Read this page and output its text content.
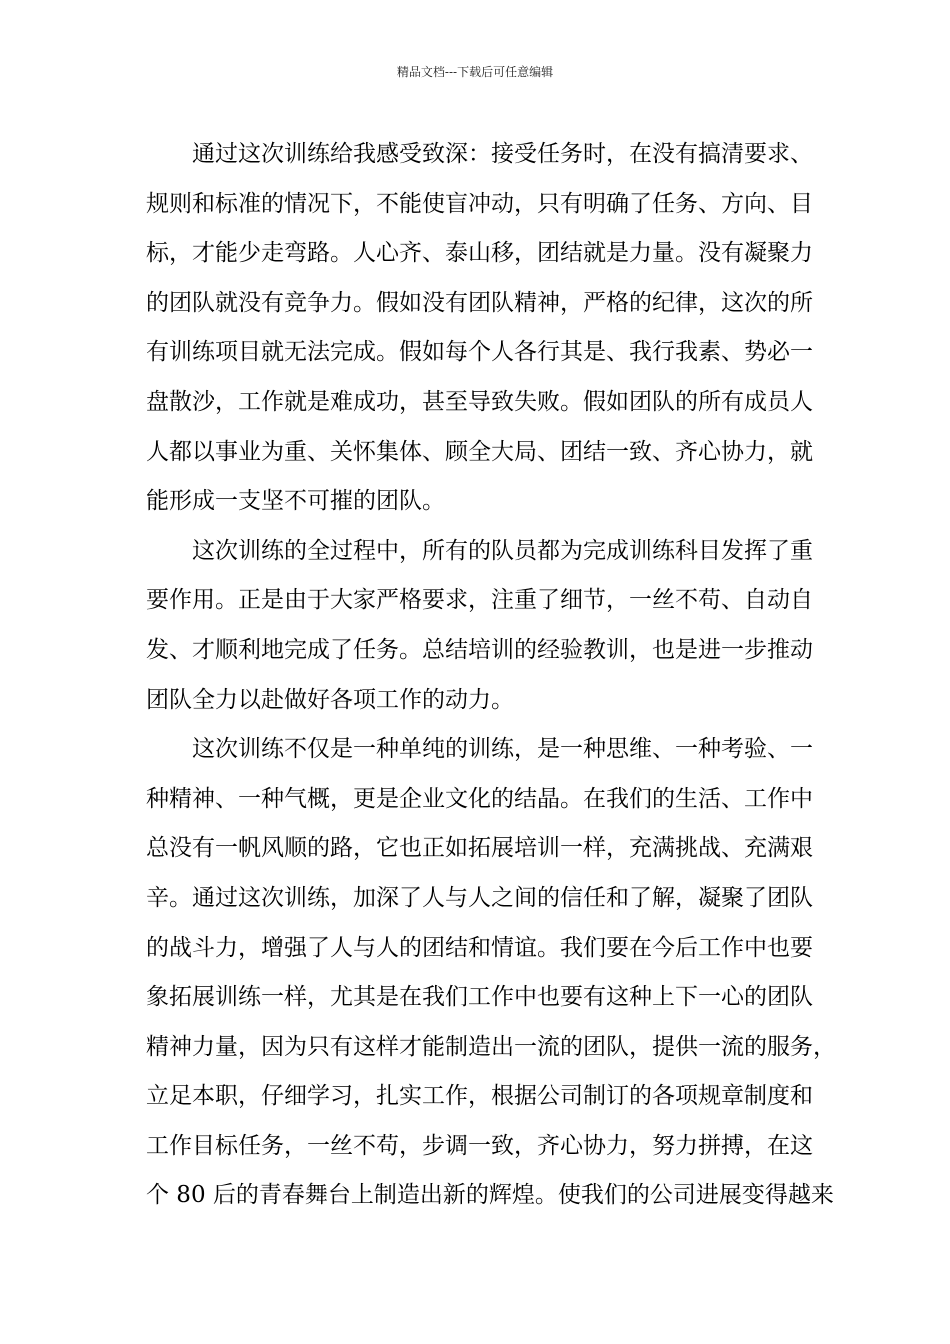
精品文档---下载后可任意编辑
通过这次训练给我感受致深：接受任务时，在没有搞清要求、
规则和标准的情况下，不能使盲冲动，只有明确了任务、方向、目
标，才能少走弯路。人心齐、泰山移，团结就是力量。没有凝聚力
的团队就没有竞争力。假如没有团队精神，严格的纪律，这次的所
有训练项目就无法完成。假如每个人各行其是、我行我素、势必一
盘散沙，工作就是难成功，甚至导致失败。假如团队的所有成员人
人都以事业为重、关怀集体、顾全大局、团结一致、齐心协力，就
能形成一支坚不可摧的团队。
这次训练的全过程中，所有的队员都为完成训练科目发挥了重
要作用。正是由于大家严格要求，注重了细节，一丝不苟、自动自
发、才顺利地完成了任务。总结培训的经验教训，也是进一步推动
团队全力以赴做好各项工作的动力。
这次训练不仅是一种单纯的训练，是一种思维、一种考验、一
种精神、一种气概，更是企业文化的结晶。在我们的生活、工作中
总没有一帆风顺的路，它也正如拓展培训一样，充满挑战、充满艰
辛。通过这次训练，加深了人与人之间的信任和了解，凝聚了团队
的战斗力，增强了人与人的团结和情谊。我们要在今后工作中也要
象拓展训练一样，尤其是在我们工作中也要有这种上下一心的团队
精神力量，因为只有这样才能制造出一流的团队，提供一流的服务，
立足本职，仔细学习，扎实工作，根据公司制订的各项规章制度和
工作目标任务，一丝不苟，步调一致，齐心协力，努力拼搏，在这
个 80 后的青春舞台上制造出新的辉煌。使我们的公司进展变得越来
